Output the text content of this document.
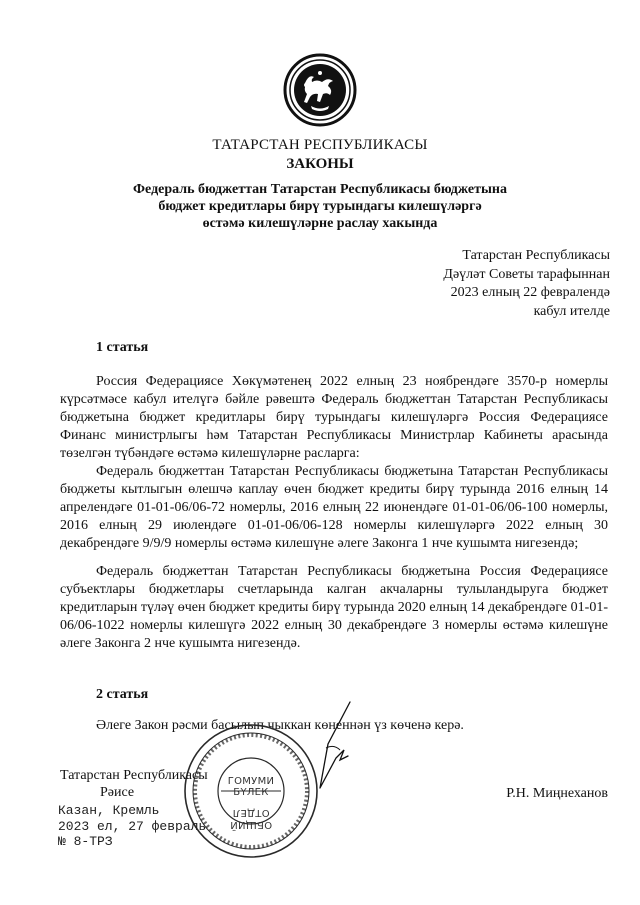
ТАТАРСТАН РЕСПУБЛИКАСЫ
ЗАКОНЫ
Федераль бюджеттан Татарстан Республикасы бюджетына
бюджет кредитлары бирү турындагы килешүләргә
өстәмә килешүләрне раслау хакында
Татарстан Республикасы
Дәүләт Советы тарафыннан
2023 елның 22 февралендә
кабул ителде
1 статья
Россия Федерациясе Хөкүмәтенең 2022 елның 23 ноябрендәге 3570-р номерлы күрсәтмәсе кабул ителүгә бәйле рәвештә Федераль бюджеттан Татарстан Республикасы бюджетына бюджет кредитлары бирү турындагы килешүләргә Россия Федерациясе Финанс министрлыгы һәм Татарстан Республикасы Министрлар Кабинеты арасында төзелгән түбәндәге өстәмә килешүләрне расларга:
Федераль бюджеттан Татарстан Республикасы бюджетына Татарстан Республикасы бюджеты кытлыгын өлешчә каплау өчен бюджет кредиты бирү турында 2016 елның 14 апрелендәге 01-01-06/06-72 номерлы, 2016 елның 22 июнендәге 01-01-06/06-100 номерлы, 2016 елның 29 июлендәге 01-01-06/06-128 номерлы килешүләргә 2022 елның 30 декабрендәге 9/9/9 номерлы өстәмә килешүне әлеге Законга 1 нче кушымта нигезендә;
Федераль бюджеттан Татарстан Республикасы бюджетына Россия Федерациясе субъектлары бюджетлары счетларында калган акчаларны тулыландыруга бюджет кредитларын түләү өчен бюджет кредиты бирү турында 2020 елның 14 декабрендәге 01-01-06/06-1022 номерлы килешүгә 2022 елның 30 декабрендәге 3 номерлы өстәмә килешүне әлеге Законга 2 нче кушымта нигезендә.
2 статья
Әлеге Закон рәсми басылып чыккан көненнән үз көченә керә.
ГОМУМИ
БҮЛЕК
ОТДЕЛ
ОБЩИЙ
Татарстан Республикасы
Рәисе	Р.Н. Миңнеханов
Казан, Кремль
2023 ел, 27 февраль
№ 8-ТРЗ
